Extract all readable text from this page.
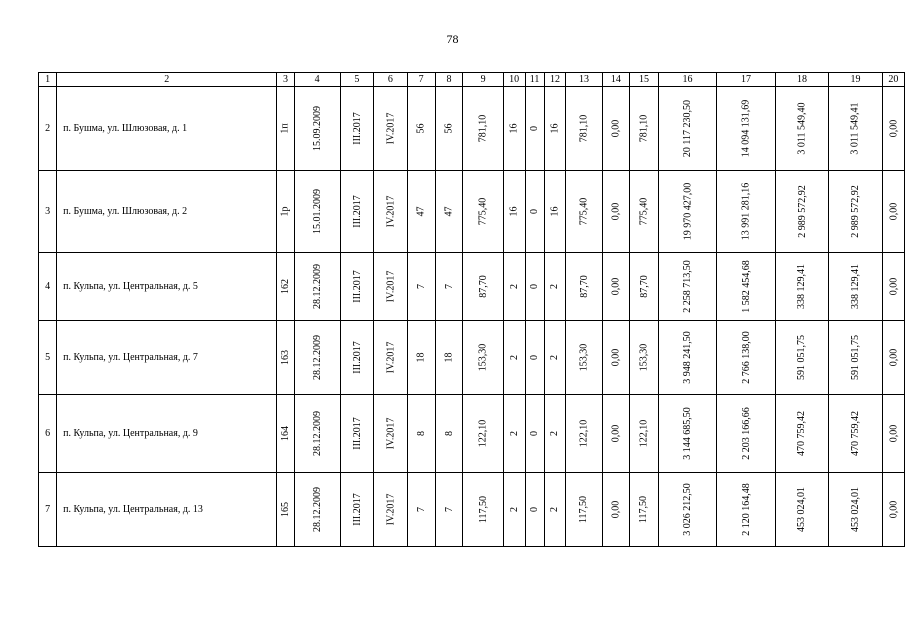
78
1	2	3	4	5	6	7	8	9	10	11	12	13	14	15	16	17	18	19	20
2	п. Бушма, ул. Шлюзовая, д. 1	1п	15.09.2009	III.2017	IV.2017	56	56	781,10	16	0	16	781,10	0,00	781,10	20 117 230,50	14 094 131,69	3 011 549,40	3 011 549,41	0,00
3	п. Бушма, ул. Шлюзовая, д. 2	1р	15.01.2009	III.2017	IV.2017	47	47	775,40	16	0	16	775,40	0,00	775,40	19 970 427,00	13 991 281,16	2 989 572,92	2 989 572,92	0,00
4	п. Кульпа, ул. Центральная, д. 5	162	28.12.2009	III.2017	IV.2017	7	7	87,70	2	0	2	87,70	0,00	87,70	2 258 713,50	1 582 454,68	338 129,41	338 129,41	0,00
5	п. Кульпа, ул. Центральная, д. 7	163	28.12.2009	III.2017	IV.2017	18	18	153,30	2	0	2	153,30	0,00	153,30	3 948 241,50	2 766 138,00	591 051,75	591 051,75	0,00
6	п. Кульпа, ул. Центральная, д. 9	164	28.12.2009	III.2017	IV.2017	8	8	122,10	2	0	2	122,10	0,00	122,10	3 144 685,50	2 203 166,66	470 759,42	470 759,42	0,00
7	п. Кульпа, ул. Центральная, д. 13	165	28.12.2009	III.2017	IV.2017	7	7	117,50	2	0	2	117,50	0,00	117,50	3 026 212,50	2 120 164,48	453 024,01	453 024,01	0,00
